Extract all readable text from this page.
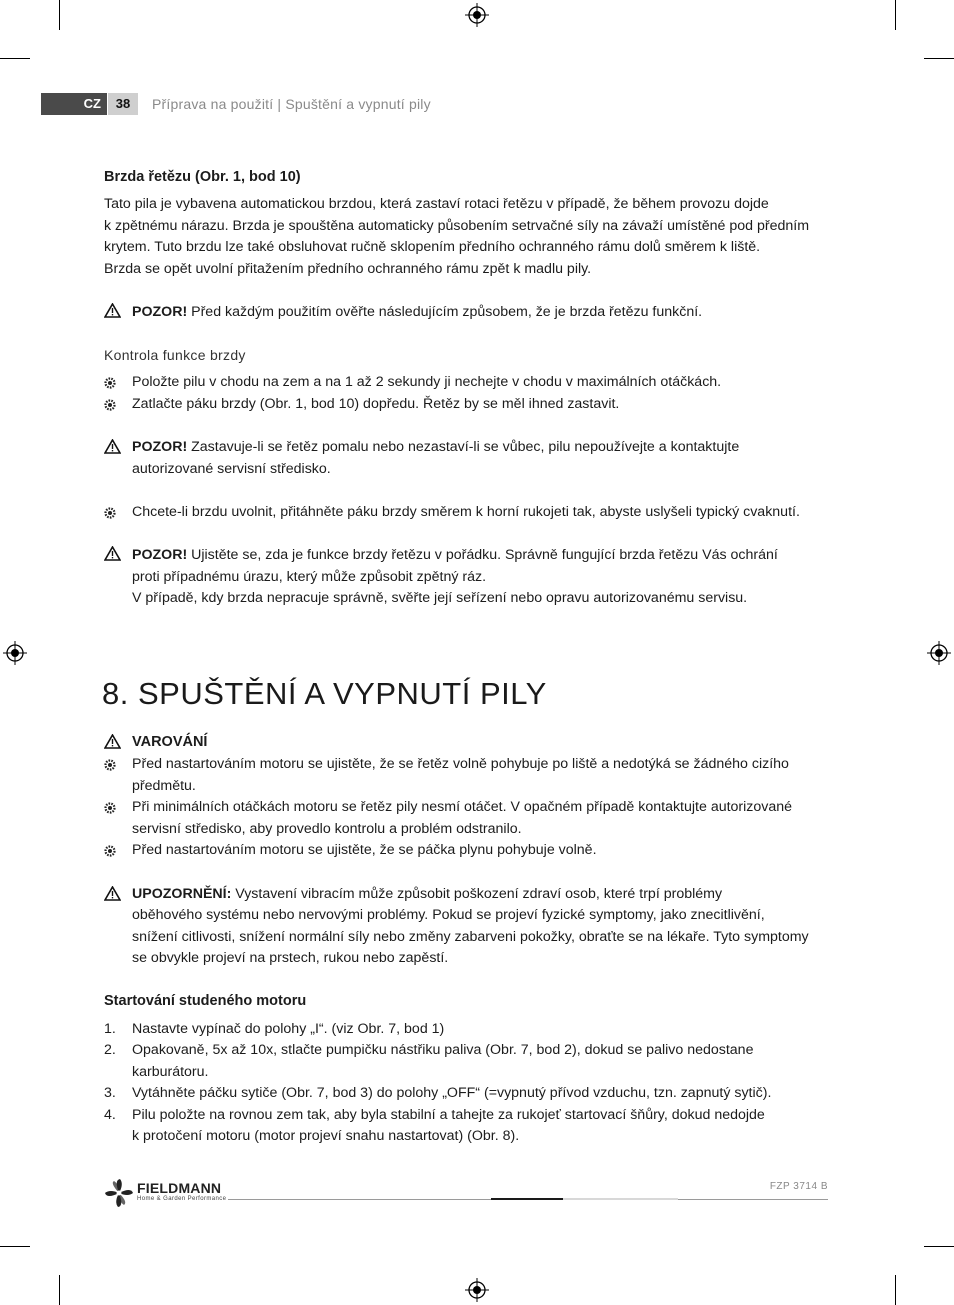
CZ	38	Příprava na použití | Spuštění a vypnutí pily
Brzda řetězu (Obr. 1, bod 10)
Tato pila je vybavena automatickou brzdou, která zastaví rotaci řetězu v případě, že během provozu dojde
k zpětnému nárazu. Brzda je spouštěna automaticky působením setrvačné síly na závaží umístěné pod předním
krytem. Tuto brzdu lze také obsluhovat ručně sklopením předního ochranného rámu dolů směrem k liště.
Brzda se opět uvolní přitažením předního ochranného rámu zpět k madlu pily.
POZOR! Před každým použitím ověřte následujícím způsobem, že je brzda řetězu funkční.
Kontrola funkce brzdy
Položte pilu v chodu na zem a na 1 až 2 sekundy ji nechejte v chodu v maximálních otáčkách.
Zatlačte páku brzdy (Obr. 1, bod 10) dopředu. Řetěz by se měl ihned zastavit.
POZOR! Zastavuje-li se řetěz pomalu nebo nezastaví-li se vůbec, pilu nepoužívejte a kontaktujte
autorizované servisní středisko.
Chcete-li brzdu uvolnit, přitáhněte páku brzdy směrem k horní rukojeti tak, abyste uslyšeli typický cvaknutí.
POZOR! Ujistěte se, zda je funkce brzdy řetězu v pořádku. Správně fungující brzda řetězu Vás ochrání
proti případnému úrazu, který může způsobit zpětný ráz.
V případě, kdy brzda nepracuje správně, svěřte její seřízení nebo opravu autorizovanému servisu.
8. SPUŠTĚNÍ A VYPNUTÍ PILY
VAROVÁNÍ
Před nastartováním motoru se ujistěte, že se řetěz volně pohybuje po liště a nedotýká se žádného cizího
předmětu.
Při minimálních otáčkách motoru se řetěz pily nesmí otáčet. V opačném případě kontaktujte autorizované
servisní středisko, aby provedlo kontrolu a problém odstranilo.
Před nastartováním motoru se ujistěte, že se páčka plynu pohybuje volně.
UPOZORNĚNÍ: Vystavení vibracím může způsobit poškození zdraví osob, které trpí problémy
oběhového systému nebo nervovými problémy. Pokud se projeví fyzické symptomy, jako znecitlivění,
snížení citlivosti, snížení normální síly nebo změny zabarveni pokožky, obraťte se na lékaře. Tyto symptomy
se obvykle projeví na prstech, rukou nebo zapěstí.
Startování studeného motoru
1. Nastavte vypínač do polohy „I“. (viz Obr. 7, bod 1)
2. Opakovaně, 5x až 10x, stlačte pumpičku nástřiku paliva (Obr. 7, bod 2), dokud se palivo nedostane
karburátoru.
3. Vytáhněte páčku sytiče (Obr. 7, bod 3) do polohy „OFF“ (=vypnutý přívod vzduchu, tzn. zapnutý sytič).
4. Pilu položte na rovnou zem tak, aby byla stabilní a tahejte za rukojeť startovací šňůry, dokud nedojde
k protočení motoru (motor projeví snahu nastartovat) (Obr. 8).
FIELDMANN
Home & Garden Performance
FZP 3714 B
